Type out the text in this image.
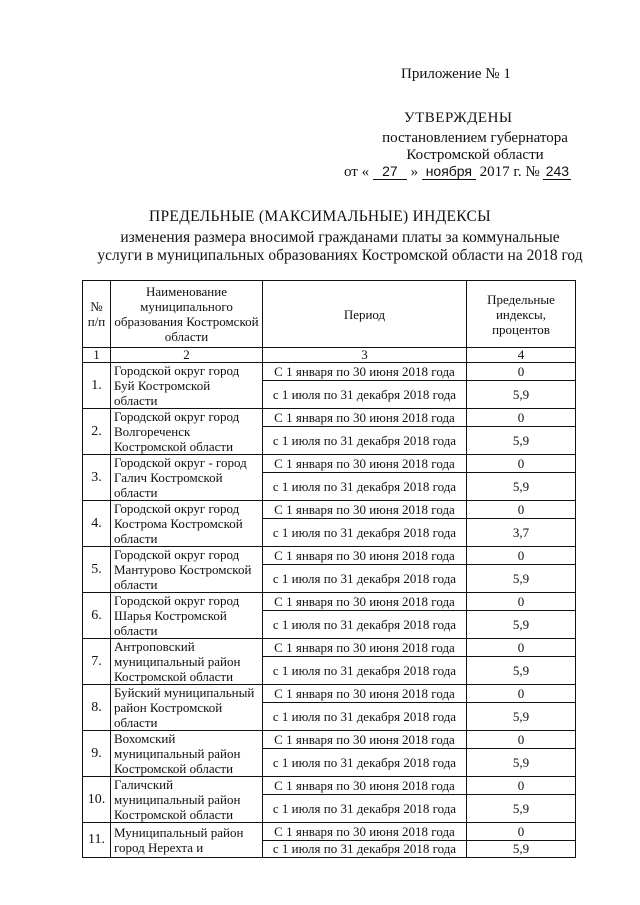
Приложение № 1
УТВЕРЖДЕНЫ
постановлением губернатора
Костромской области
от « 27 » ноября 2017 г. № 243
ПРЕДЕЛЬНЫЕ (МАКСИМАЛЬНЫЕ) ИНДЕКСЫ
изменения размера вносимой гражданами платы за коммунальные
услуги в муниципальных образованиях Костромской области на 2018 год
№ п/п	Наименование муниципального образования Костромской области	Период	Предельные индексы, процентов
1	2	3	4
1.	Городской округ город
Буй Костромской
области	С 1 января по 30 июня 2018 года	0
		с 1 июля по 31 декабря 2018 года	5,9
2.	Городской округ город
Волгореченск
Костромской области	С 1 января по 30 июня 2018 года	0
		с 1 июля по 31 декабря 2018 года	5,9
3.	Городской округ - город
Галич Костромской
области	С 1 января по 30 июня 2018 года	0
		с 1 июля по 31 декабря 2018 года	5,9
4.	Городской округ город
Кострома Костромской
области	С 1 января по 30 июня 2018 года	0
		с 1 июля по 31 декабря 2018 года	3,7
5.	Городской округ город
Мантурово Костромской
области	С 1 января по 30 июня 2018 года	0
		с 1 июля по 31 декабря 2018 года	5,9
6.	Городской округ город
Шарья Костромской
области	С 1 января по 30 июня 2018 года	0
		с 1 июля по 31 декабря 2018 года	5,9
7.	Антроповский
муниципальный район
Костромской области	С 1 января по 30 июня 2018 года	0
		с 1 июля по 31 декабря 2018 года	5,9
8.	Буйский муниципальный
район Костромской
области	С 1 января по 30 июня 2018 года	0
		с 1 июля по 31 декабря 2018 года	5,9
9.	Вохомский
муниципальный район
Костромской области	С 1 января по 30 июня 2018 года	0
		с 1 июля по 31 декабря 2018 года	5,9
10.	Галичский
муниципальный район
Костромской области	С 1 января по 30 июня 2018 года	0
		с 1 июля по 31 декабря 2018 года	5,9
11.	Муниципальный район
город Нерехта и	С 1 января по 30 июня 2018 года	0
		с 1 июля по 31 декабря 2018 года	5,9
